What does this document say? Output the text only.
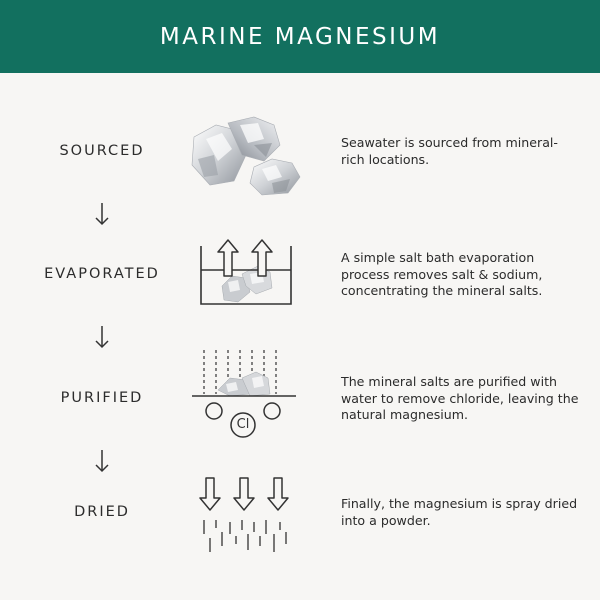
MARINE MAGNESIUM
SOURCED
Seawater is sourced from mineral-rich locations.
EVAPORATED
A simple salt bath evaporation process removes salt & sodium, concentrating the mineral salts.
PURIFIED
Cl
The mineral salts are purified with water to remove chloride, leaving the natural magnesium.
DRIED
Finally, the magnesium is spray dried into a powder.
